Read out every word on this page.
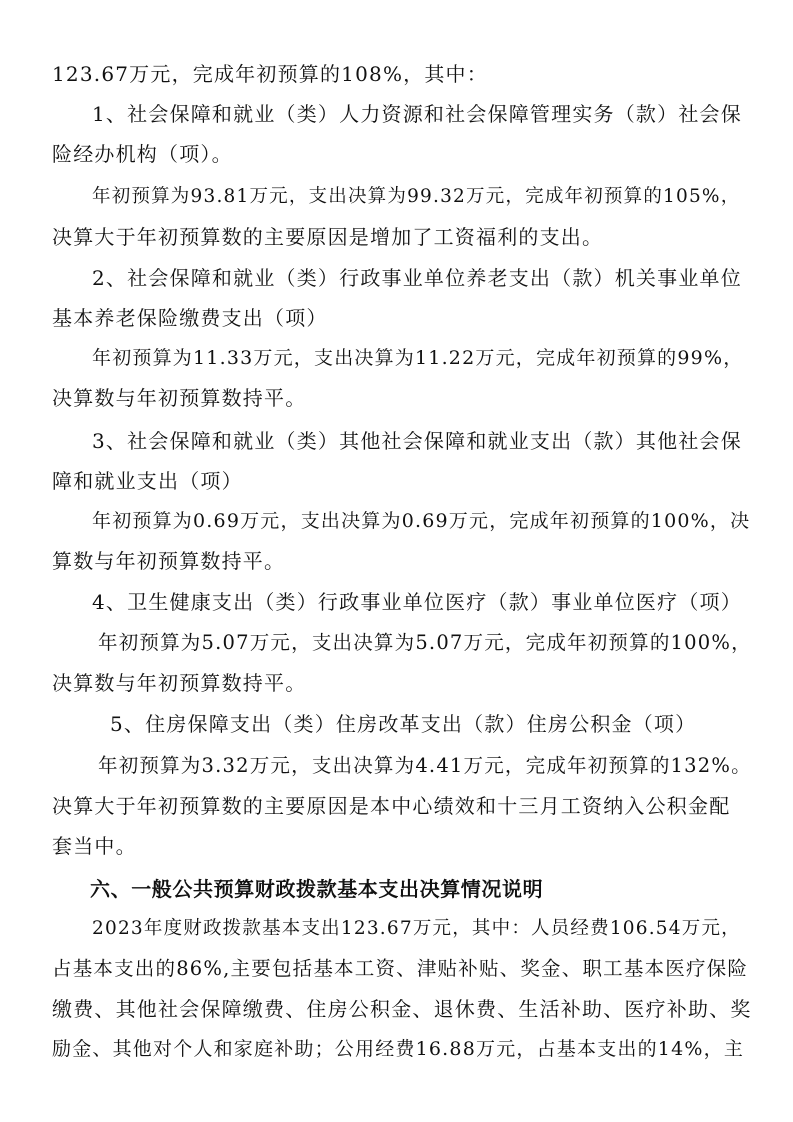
123.67万元，完成年初预算的108%，其中：
1、社会保障和就业（类）人力资源和社会保障管理实务（款）社会保
险经办机构（项）。
年初预算为93.81万元，支出决算为99.32万元，完成年初预算的105%，
决算大于年初预算数的主要原因是增加了工资福利的支出。
2、社会保障和就业（类）行政事业单位养老支出（款）机关事业单位
基本养老保险缴费支出（项）
年初预算为11.33万元，支出决算为11.22万元，完成年初预算的99%，
决算数与年初预算数持平。
3、社会保障和就业（类）其他社会保障和就业支出（款）其他社会保
障和就业支出（项）
年初预算为0.69万元，支出决算为0.69万元，完成年初预算的100%，决
算数与年初预算数持平。
4、卫生健康支出（类）行政事业单位医疗（款）事业单位医疗（项）
年初预算为5.07万元，支出决算为5.07万元，完成年初预算的100%，
决算数与年初预算数持平。
5、住房保障支出（类）住房改革支出（款）住房公积金（项）
年初预算为3.32万元，支出决算为4.41万元，完成年初预算的132%。
决算大于年初预算数的主要原因是本中心绩效和十三月工资纳入公积金配
套当中。
六、一般公共预算财政拨款基本支出决算情况说明
2023年度财政拨款基本支出123.67万元，其中：人员经费106.54万元，
占基本支出的86%,主要包括基本工资、津贴补贴、奖金、职工基本医疗保险
缴费、其他社会保障缴费、住房公积金、退休费、生活补助、医疗补助、奖
励金、其他对个人和家庭补助；公用经费16.88万元，占基本支出的14%，主
